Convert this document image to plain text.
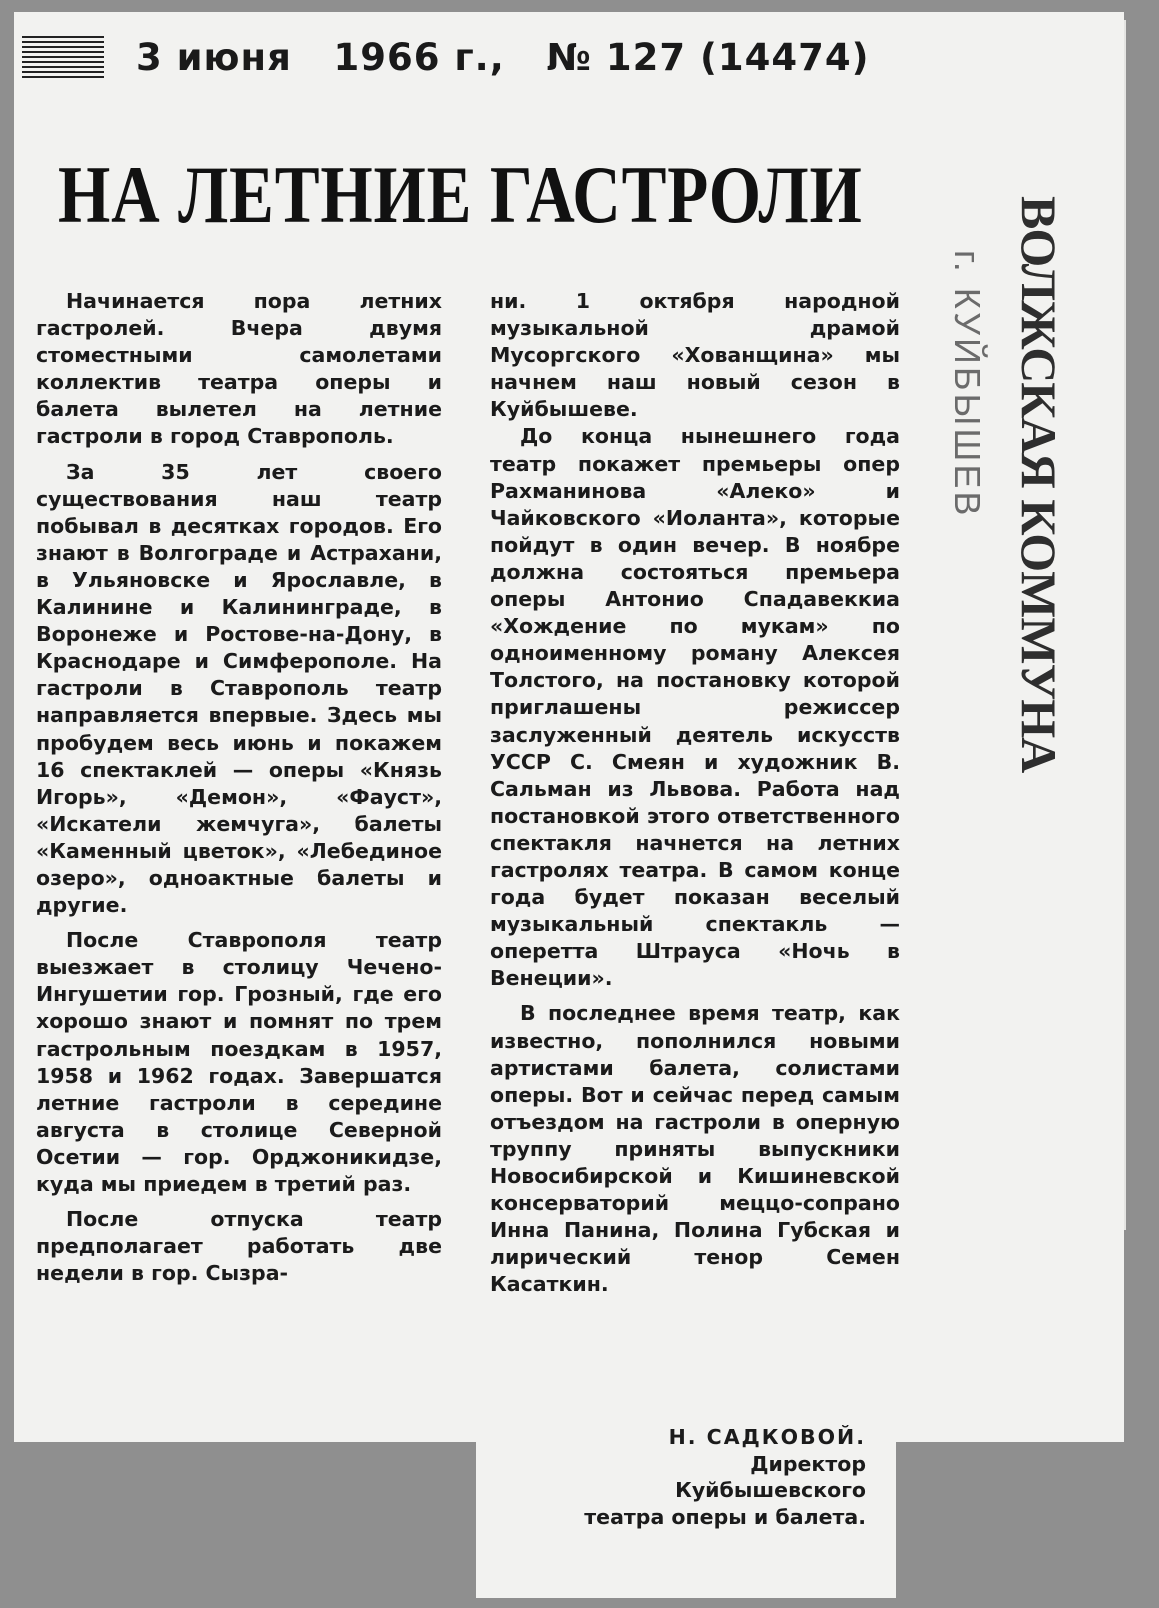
3 июня   1966 г.,   № 127 (14474)
НА ЛЕТНИЕ ГАСТРОЛИ

Начинается пора летних гастролей. Вчера двумя стоместными самолетами коллектив театра оперы и балета вылетел на летние гастроли в город Ставрополь.

За 35 лет своего существования наш театр побывал в десятках городов. Его знают в Волгограде и Астрахани, в Ульяновске и Ярославле, в Калинине и Калининграде, в Воронеже и Ростове-на-Дону, в Краснодаре и Симферополе. На гастроли в Ставрополь театр направляется впервые. Здесь мы пробудем весь июнь и покажем 16 спектаклей — оперы «Князь Игорь», «Демон», «Фауст», «Искатели жемчуга», балеты «Каменный цветок», «Лебединое озеро», одноактные балеты и другие.

После Ставрополя театр выезжает в столицу Чечено-Ингушетии гор. Грозный, где его хорошо знают и помнят по трем гастрольным поездкам в 1957, 1958 и 1962 годах. Завершатся летние гастроли в середине августа в столице Северной Осетии — гор. Орджоникидзе, куда мы приедем в третий раз.

После отпуска театр предполагает работать две недели в гор. Сызра-

ни. 1 октября народной музыкальной драмой Мусоргского «Хованщина» мы начнем наш новый сезон в Куйбышеве.

До конца нынешнего года театр покажет премьеры опер Рахманинова «Алеко» и Чайковского «Иоланта», которые пойдут в один вечер. В ноябре должна состояться премьера оперы Антонио Спадавеккиа «Хождение по мукам» по одноименному роману Алексея Толстого, на постановку которой приглашены режиссер заслуженный деятель искусств УССР С. Смеян и художник В. Сальман из Львова. Работа над постановкой этого ответственного спектакля начнется на летних гастролях театра. В самом конце года будет показан веселый музыкальный спектакль — оперетта Штрауса «Ночь в Венеции».

В последнее время театр, как известно, пополнился новыми артистами балета, солистами оперы. Вот и сейчас перед самым отъездом на гастроли в оперную труппу приняты выпускники Новосибирской и Кишиневской консерваторий меццо-сопрано Инна Панина, Полина Губская и лирический тенор Семен Касаткин.

Н. САДКОВОЙ.
Директор
Куйбышевского
театра оперы и балета.

ВОЛЖСКАЯ КОММУНА

г. КУЙБЫШЕВ
